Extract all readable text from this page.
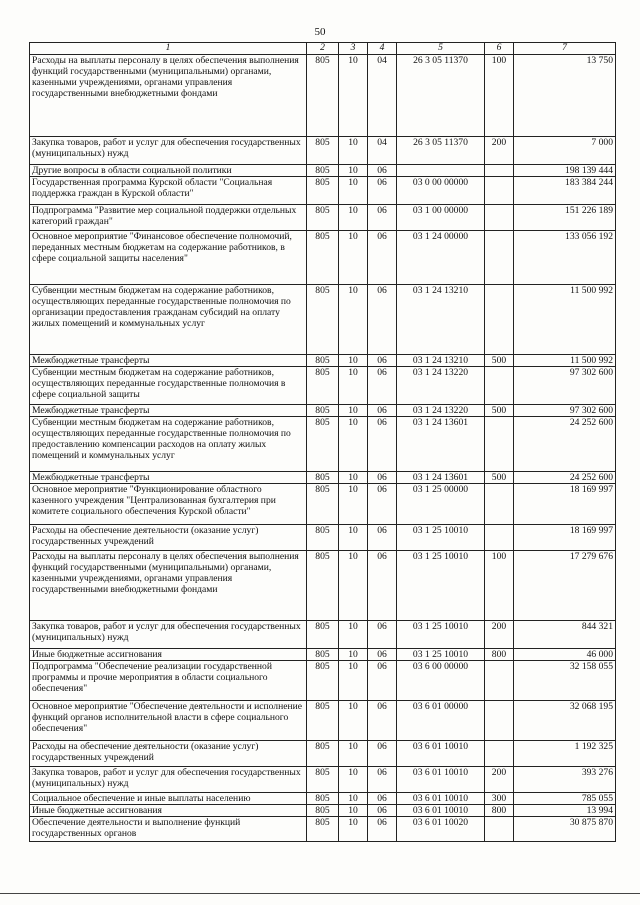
50
1	2	3	4	5	6	7
Расходы на выплаты персоналу в целях обеспечения выполнения функций государственными (муниципальными) органами, казенными учреждениями, органами управления государственными внебюджетными фондами	805	10	04	26 3 05 11370	100	13 750
Закупка товаров, работ и услуг для обеспечения государственных (муниципальных) нужд	805	10	04	26 3 05 11370	200	7 000
Другие вопросы в области социальной политики	805	10	06			198 139 444
Государственная программа Курской области "Социальная поддержка граждан в Курской области"	805	10	06	03 0 00 00000		183 384 244
Подпрограмма "Развитие мер социальной поддержки отдельных категорий граждан"	805	10	06	03 1 00 00000		151 226 189
Основное мероприятие "Финансовое обеспечение полномочий, переданных местным бюджетам на содержание работников, в сфере социальной защиты населения"	805	10	06	03 1 24 00000		133 056 192
Субвенции местным бюджетам на содержание работников, осуществляющих переданные государственные полномочия по организации предоставления гражданам субсидий на оплату жилых помещений и коммунальных услуг	805	10	06	03 1 24 13210		11 500 992
Межбюджетные трансферты	805	10	06	03 1 24 13210	500	11 500 992
Субвенции местным бюджетам на содержание работников, осуществляющих переданные государственные полномочия в сфере социальной защиты	805	10	06	03 1 24 13220		97 302 600
Межбюджетные трансферты	805	10	06	03 1 24 13220	500	97 302 600
Субвенции местным бюджетам на содержание работников, осуществляющих переданные государственные полномочия по предоставлению компенсации расходов на оплату жилых помещений и коммунальных услуг	805	10	06	03 1 24 13601		24 252 600
Межбюджетные трансферты	805	10	06	03 1 24 13601	500	24 252 600
Основное мероприятие "Функционирование областного казенного учреждения "Централизованная бухгалтерия при комитете социального обеспечения Курской области"	805	10	06	03 1 25 00000		18 169 997
Расходы на обеспечение деятельности (оказание услуг) государственных учреждений	805	10	06	03 1 25 10010		18 169 997
Расходы на выплаты персоналу в целях обеспечения выполнения функций государственными (муниципальными) органами, казенными учреждениями, органами управления государственными внебюджетными фондами	805	10	06	03 1 25 10010	100	17 279 676
Закупка товаров, работ и услуг для обеспечения государственных (муниципальных) нужд	805	10	06	03 1 25 10010	200	844 321
Иные бюджетные ассигнования	805	10	06	03 1 25 10010	800	46 000
Подпрограмма "Обеспечение реализации государственной программы и прочие мероприятия в области социального обеспечения"	805	10	06	03 6 00 00000		32 158 055
Основное мероприятие "Обеспечение деятельности и исполнение функций органов исполнительной власти в сфере социального обеспечения"	805	10	06	03 6 01 00000		32 068 195
Расходы на обеспечение деятельности (оказание услуг) государственных учреждений	805	10	06	03 6 01 10010		1 192 325
Закупка товаров, работ и услуг для обеспечения государственных (муниципальных) нужд	805	10	06	03 6 01 10010	200	393 276
Социальное обеспечение и иные выплаты населению	805	10	06	03 6 01 10010	300	785 055
Иные бюджетные ассигнования	805	10	06	03 6 01 10010	800	13 994
Обеспечение деятельности и выполнение функций государственных органов	805	10	06	03 6 01 10020		30 875 870
